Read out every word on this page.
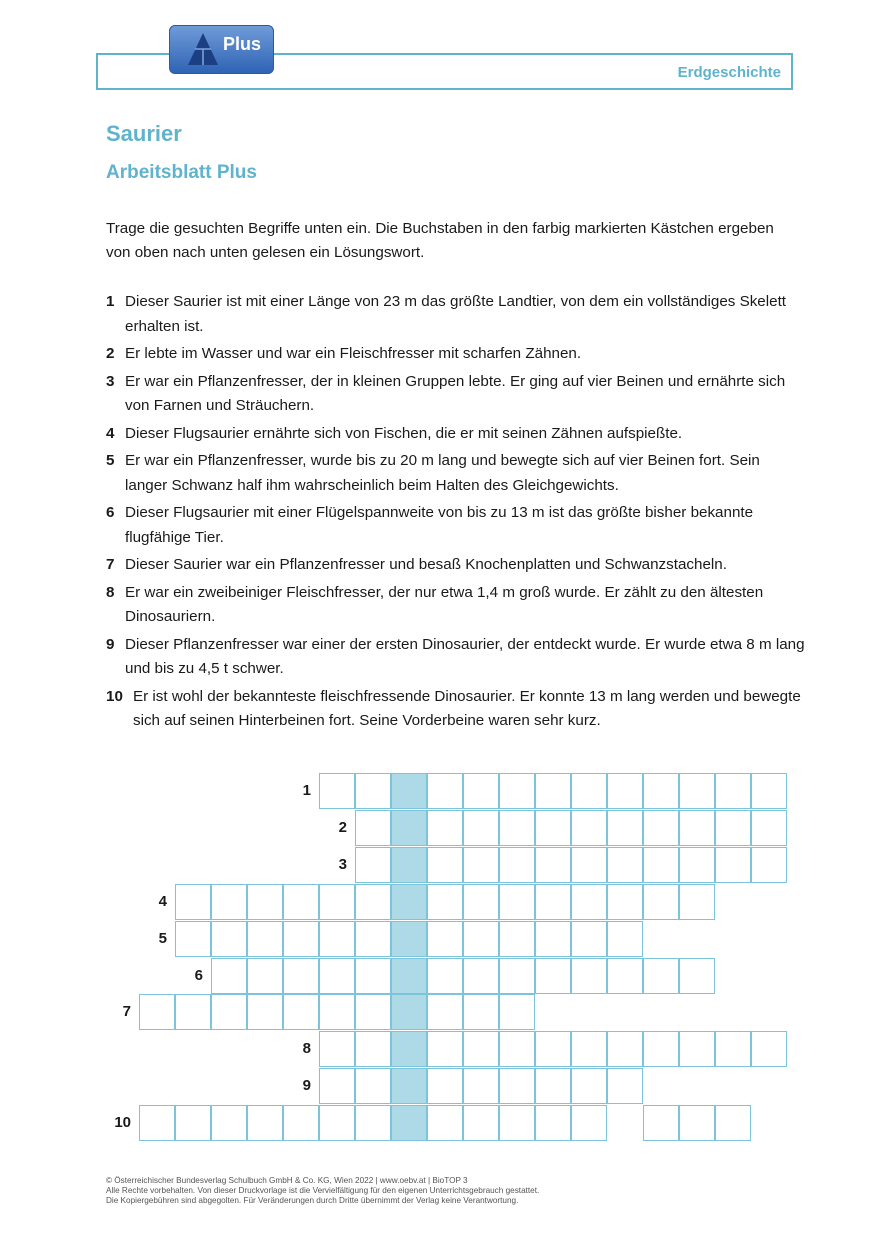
Erdgeschichte
Plus
Saurier
Arbeitsblatt Plus

Trage die gesuchten Begriffe unten ein. Die Buchstaben in den farbig markierten Kästchen ergeben von oben nach unten gelesen ein Lösungswort.

1 Dieser Saurier ist mit einer Länge von 23 m das größte Landtier, von dem ein vollständiges Skelett erhalten ist.
2 Er lebte im Wasser und war ein Fleischfresser mit scharfen Zähnen.
3 Er war ein Pflanzenfresser, der in kleinen Gruppen lebte. Er ging auf vier Beinen und ernährte sich von Farnen und Sträuchern.
4 Dieser Flugsaurier ernährte sich von Fischen, die er mit seinen Zähnen aufspießte.
5 Er war ein Pflanzenfresser, wurde bis zu 20 m lang und bewegte sich auf vier Beinen fort. Sein langer Schwanz half ihm wahrscheinlich beim Halten des Gleichgewichts.
6 Dieser Flugsaurier mit einer Flügelspannweite von bis zu 13 m ist das größte bisher bekannte flugfähige Tier.
7 Dieser Saurier war ein Pflanzenfresser und besaß Knochenplatten und Schwanzstacheln.
8 Er war ein zweibeiniger Fleischfresser, der nur etwa 1,4 m groß wurde. Er zählt zu den ältesten Dinosauriern.
9 Dieser Pflanzenfresser war einer der ersten Dinosaurier, der entdeckt wurde. Er wurde etwa 8 m lang und bis zu 4,5 t schwer.
10 Er ist wohl der bekannteste fleischfressende Dinosaurier. Er konnte 13 m lang werden und bewegte sich auf seinen Hinterbeinen fort. Seine Vorderbeine waren sehr kurz.
1
2
3
4
5
6
7
8
9
10
© Österreichischer Bundesverlag Schulbuch GmbH & Co. KG, Wien 2022 | www.oebv.at | BioTOP 3
Alle Rechte vorbehalten. Von dieser Druckvorlage ist die Vervielfältigung für den eigenen Unterrichtsgebrauch gestattet.
Die Kopiergebühren sind abgegolten. Für Veränderungen durch Dritte übernimmt der Verlag keine Verantwortung.
